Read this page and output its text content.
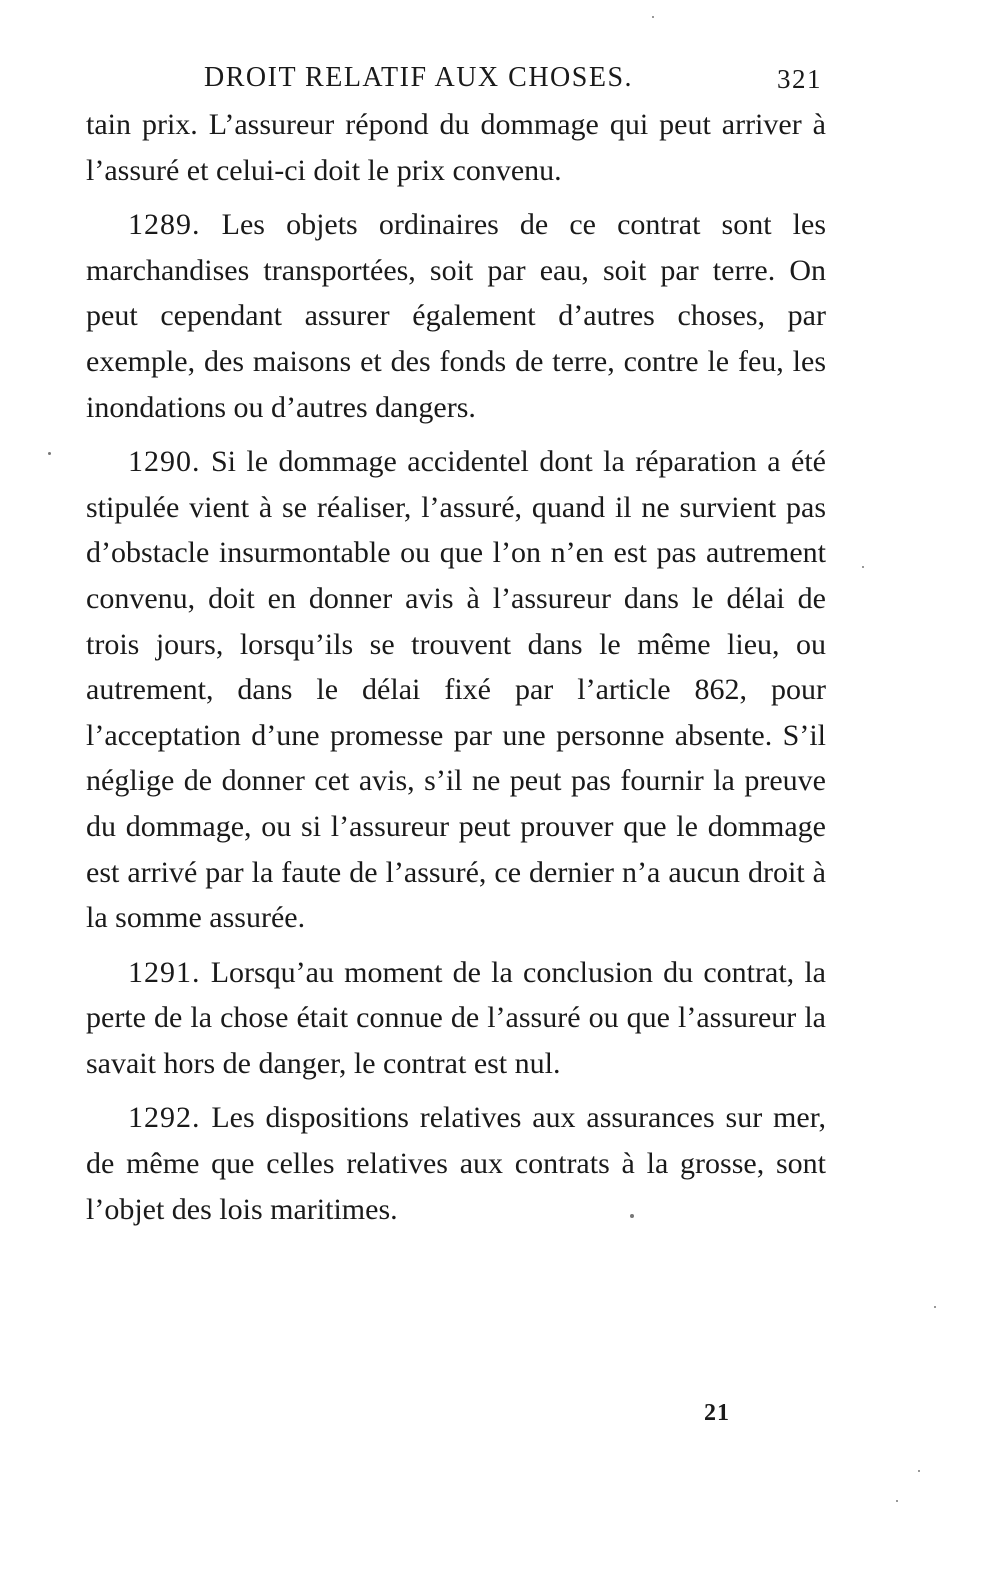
DROIT RELATIF AUX CHOSES.	321

tain prix. L’assureur répond du dommage qui peut arriver à l’assuré et celui-ci doit le prix convenu.

1289. Les objets ordinaires de ce contrat sont les marchandises transportées, soit par eau, soit par terre. On peut cependant assurer également d’autres choses, par exemple, des maisons et des fonds de terre, contre le feu, les inondations ou d’autres dangers.

1290. Si le dommage accidentel dont la réparation a été stipulée vient à se réaliser, l’assuré, quand il ne survient pas d’obstacle insurmontable ou que l’on n’en est pas autrement convenu, doit en donner avis à l’assureur dans le délai de trois jours, lorsqu’ils se trouvent dans le même lieu, ou autrement, dans le délai fixé par l’article 862, pour l’acceptation d’une promesse par une personne absente. S’il néglige de donner cet avis, s’il ne peut pas fournir la preuve du dommage, ou si l’assureur peut prouver que le dommage est arrivé par la faute de l’assuré, ce dernier n’a aucun droit à la somme assurée.

1291. Lorsqu’au moment de la conclusion du contrat, la perte de la chose était connue de l’assuré ou que l’assureur la savait hors de danger, le contrat est nul.

1292. Les dispositions relatives aux assurances sur mer, de même que celles relatives aux contrats à la grosse, sont l’objet des lois maritimes.

21
